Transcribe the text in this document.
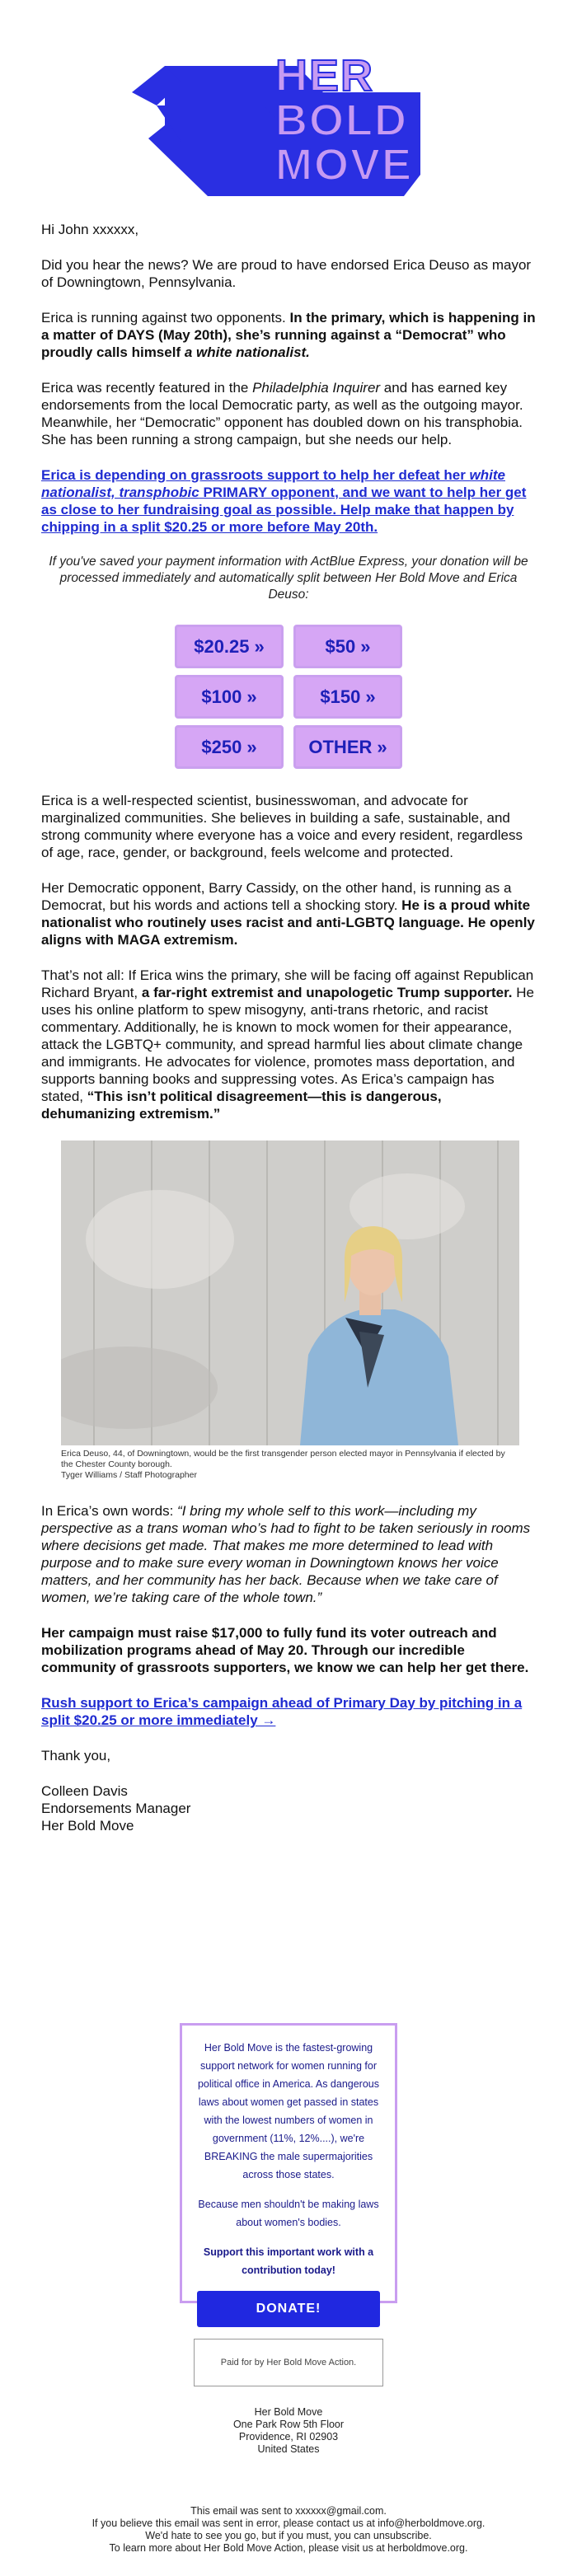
HER
BOLD
MOVE

Hi John xxxxxx,

Did you hear the news? We are proud to have endorsed Erica Deuso as mayor of Downingtown, Pennsylvania.

Erica is running against two opponents. In the primary, which is happening in a matter of DAYS (May 20th), she’s running against a “Democrat” who proudly calls himself a white nationalist.

Erica was recently featured in the Philadelphia Inquirer and has earned key endorsements from the local Democratic party, as well as the outgoing mayor. Meanwhile, her “Democratic” opponent has doubled down on his transphobia. She has been running a strong campaign, but she needs our help.

Erica is depending on grassroots support to help her defeat her white nationalist, transphobic PRIMARY opponent, and we want to help her get as close to her fundraising goal as possible. Help make that happen by chipping in a split $20.25 or more before May 20th.

If you've saved your payment information with ActBlue Express, your donation will be processed immediately and automatically split between Her Bold Move and Erica Deuso:
$20.25 »	$50 »
$100 »	$150 »
$250 »	OTHER »

Erica is a well-respected scientist, businesswoman, and advocate for marginalized communities. She believes in building a safe, sustainable, and strong community where everyone has a voice and every resident, regardless of age, race, gender, or background, feels welcome and protected.

Her Democratic opponent, Barry Cassidy, on the other hand, is running as a Democrat, but his words and actions tell a shocking story. He is a proud white nationalist who routinely uses racist and anti-LGBTQ language. He openly aligns with MAGA extremism.

That’s not all: If Erica wins the primary, she will be facing off against Republican Richard Bryant, a far-right extremist and unapologetic Trump supporter. He uses his online platform to spew misogyny, anti-trans rhetoric, and racist commentary. Additionally, he is known to mock women for their appearance, attack the LGBTQ+ community, and spread harmful lies about climate change and immigrants. He advocates for violence, promotes mass deportation, and supports banning books and suppressing votes. As Erica’s campaign has stated, “This isn’t political disagreement—this is dangerous, dehumanizing extremism.”

Erica Deuso, 44, of Downingtown, would be the first transgender person elected mayor in Pennsylvania if elected by the Chester County borough.
Tyger Williams / Staff Photographer

In Erica’s own words: “I bring my whole self to this work—including my perspective as a trans woman who’s had to fight to be taken seriously in rooms where decisions get made. That makes me more determined to lead with purpose and to make sure every woman in Downingtown knows her voice matters, and her community has her back. Because when we take care of women, we’re taking care of the whole town.”

Her campaign must raise $17,000 to fully fund its voter outreach and mobilization programs ahead of May 20. Through our incredible community of grassroots supporters, we know we can help her get there.

Rush support to Erica’s campaign ahead of Primary Day by pitching in a split $20.25 or more immediately →

Thank you,

Colleen Davis
Endorsements Manager
Her Bold Move

Her Bold Move is the fastest-growing support network for women running for political office in America. As dangerous laws about women get passed in states with the lowest numbers of women in government (11%, 12%....), we're BREAKING the male supermajorities across those states.

Because men shouldn't be making laws about women's bodies.

Support this important work with a contribution today!

DONATE!
Paid for by Her Bold Move Action.
Her Bold Move
One Park Row 5th Floor
Providence, RI 02903
United States
This email was sent to xxxxxx@gmail.com.
If you believe this email was sent in error, please contact us at info@herboldmove.org.
We'd hate to see you go, but if you must, you can unsubscribe.
To learn more about Her Bold Move Action, please visit us at herboldmove.org.
